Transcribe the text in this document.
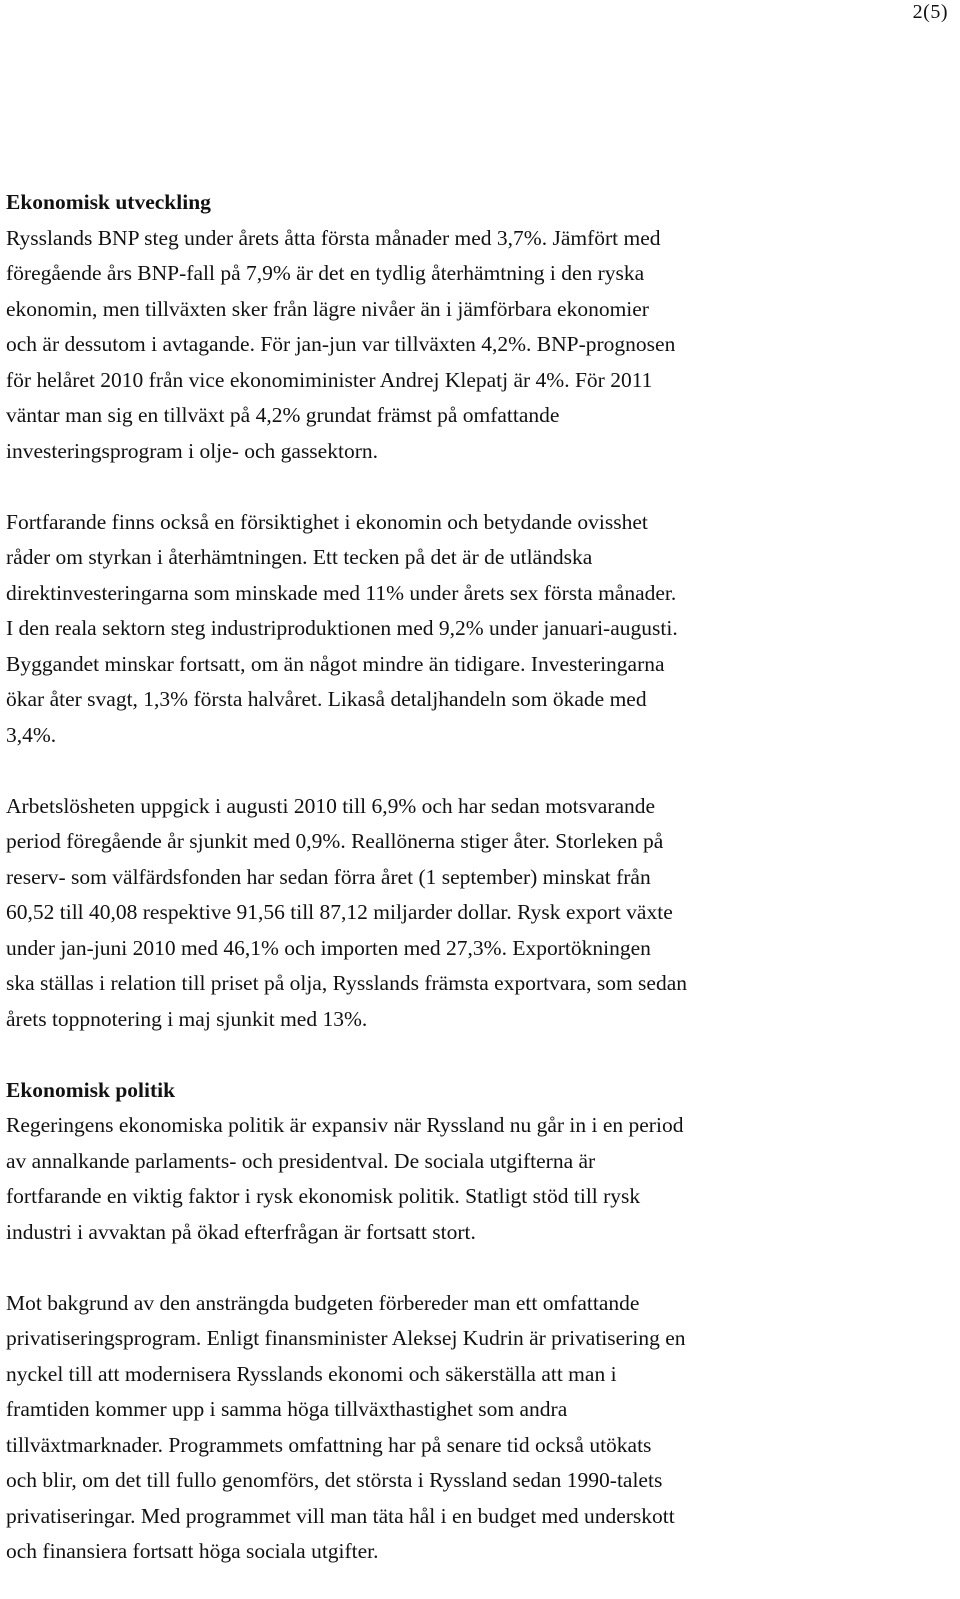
2(5)
Ekonomisk utveckling

Rysslands BNP steg under årets åtta första månader med 3,7%. Jämfört med
föregående års BNP-fall på 7,9% är det en tydlig återhämtning i den ryska
ekonomin, men tillväxten sker från lägre nivåer än i jämförbara ekonomier
och är dessutom i avtagande. För jan-jun var tillväxten 4,2%. BNP-prognosen
för helåret 2010 från vice ekonomiminister Andrej Klepatj är 4%. För 2011
väntar man sig en tillväxt på 4,2% grundat främst på omfattande
investeringsprogram i olje- och gassektorn.

Fortfarande finns också en försiktighet i ekonomin och betydande ovisshet
råder om styrkan i återhämtningen. Ett tecken på det är de utländska
direktinvesteringarna som minskade med 11% under årets sex första månader.
I den reala sektorn steg industriproduktionen med 9,2% under januari-augusti.
Byggandet minskar fortsatt, om än något mindre än tidigare. Investeringarna
ökar åter svagt, 1,3% första halvåret. Likaså detaljhandeln som ökade med
3,4%.

Arbetslösheten uppgick i augusti 2010 till 6,9% och har sedan motsvarande
period föregående år sjunkit med 0,9%. Reallönerna stiger åter. Storleken på
reserv- som välfärdsfonden har sedan förra året (1 september) minskat från
60,52 till 40,08 respektive 91,56 till 87,12 miljarder dollar. Rysk export växte
under jan-juni 2010 med 46,1% och importen med 27,3%. Exportökningen
ska ställas i relation till priset på olja, Rysslands främsta exportvara, som sedan
årets toppnotering i maj sjunkit med 13%.

Ekonomisk politik

Regeringens ekonomiska politik är expansiv när Ryssland nu går in i en period
av annalkande parlaments- och presidentval. De sociala utgifterna är
fortfarande en viktig faktor i rysk ekonomisk politik. Statligt stöd till rysk
industri i avvaktan på ökad efterfrågan är fortsatt stort.

Mot bakgrund av den ansträngda budgeten förbereder man ett omfattande
privatiseringsprogram. Enligt finansminister Aleksej Kudrin är privatisering en
nyckel till att modernisera Rysslands ekonomi och säkerställa att man i
framtiden kommer upp i samma höga tillväxthastighet som andra
tillväxtmarknader. Programmets omfattning har på senare tid också utökats
och blir, om det till fullo genomförs, det största i Ryssland sedan 1990-talets
privatiseringar. Med programmet vill man täta hål i en budget med underskott
och finansiera fortsatt höga sociala utgifter.
